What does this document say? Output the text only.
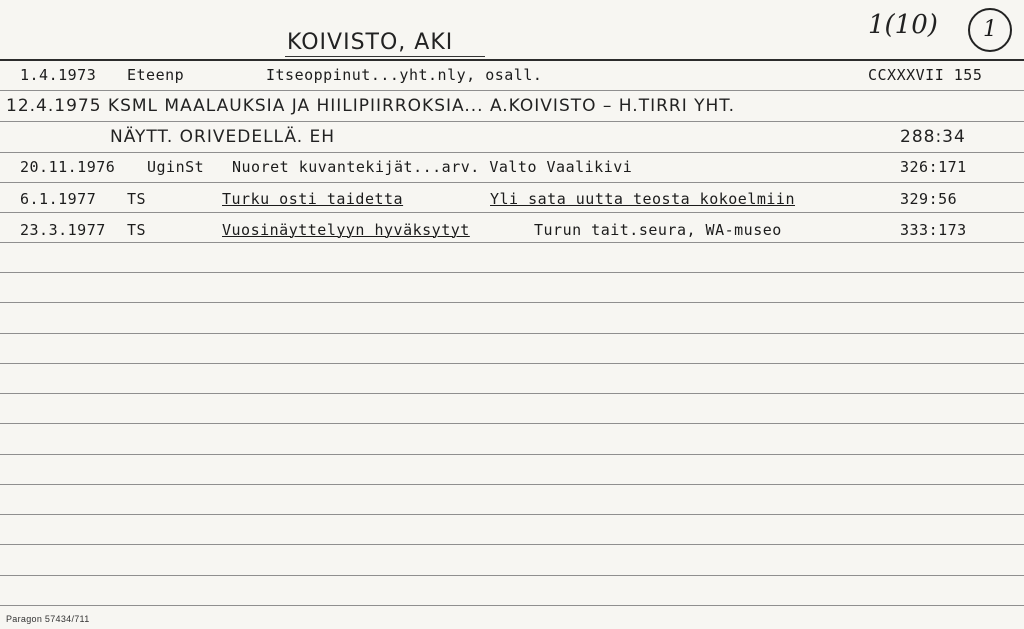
KOIVISTO, AKI
1(10)	1
1.4.1973 Eteenp	Itseoppinut...yht.nly, osall.	CCXXXVII 155
12.4.1975 KSML MAALAUKSIA JA HIILIPIIRROKSIA... A.KOIVISTO – H.TIRRI YHT.
NÄYTT. ORIVEDELLÄ. EH	288:34
20.11.1976 UginSt Nuoret kuvantekijät...arv. Valto Vaalikivi	326:171
6.1.1977 TS	Turku osti taidetta	Yli sata uutta teosta kokoelmiin	329:56
23.3.1977 TS	Vuosinäyttelyyn hyväksytyt	Turun tait.seura, WA-museo	333:173
Paragon 57434/711
